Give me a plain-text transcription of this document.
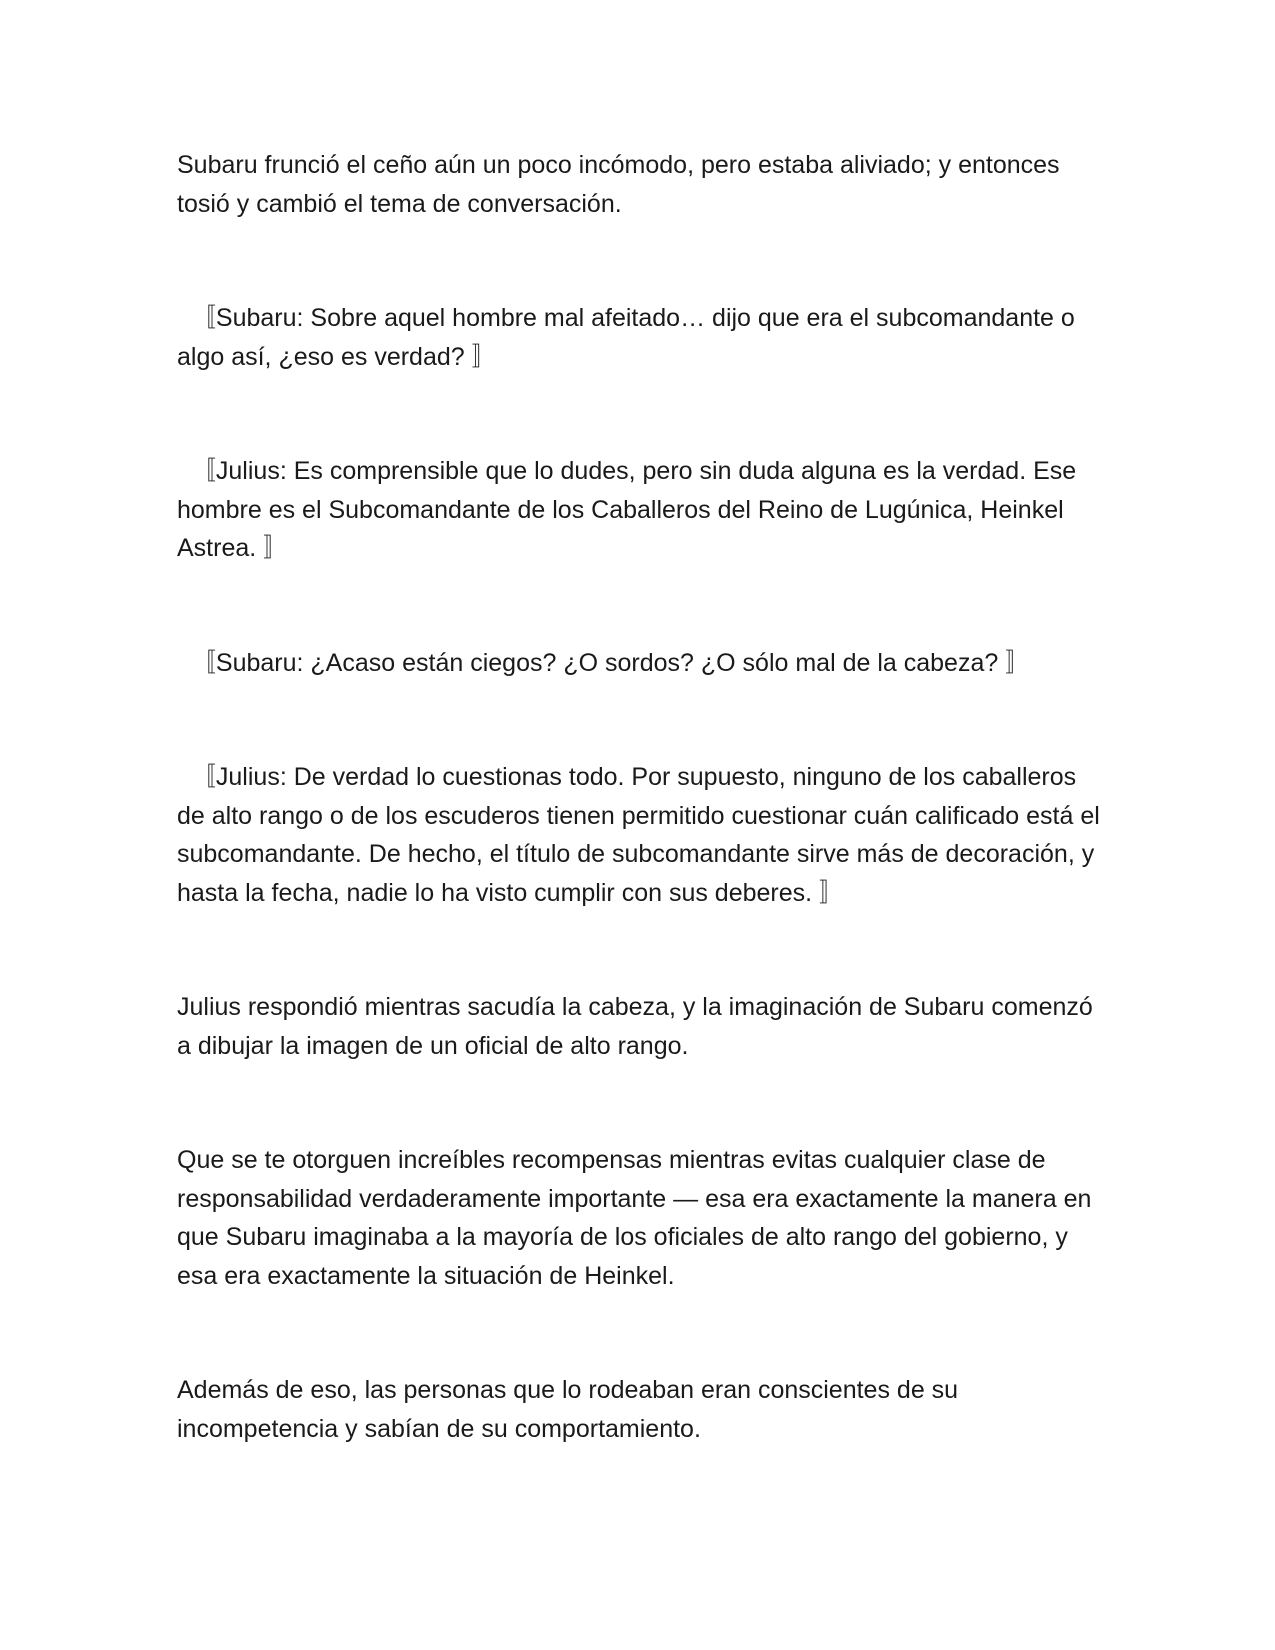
Subaru frunció el ceño aún un poco incómodo, pero estaba aliviado; y entonces tosió y cambió el tema de conversación.

〚Subaru: Sobre aquel hombre mal afeitado… dijo que era el subcomandante o algo así, ¿eso es verdad? 〛

〚Julius: Es comprensible que lo dudes, pero sin duda alguna es la verdad. Ese hombre es el Subcomandante de los Caballeros del Reino de Lugúnica, Heinkel Astrea. 〛

〚Subaru: ¿Acaso están ciegos? ¿O sordos? ¿O sólo mal de la cabeza? 〛

〚Julius: De verdad lo cuestionas todo. Por supuesto, ninguno de los caballeros de alto rango o de los escuderos tienen permitido cuestionar cuán calificado está el subcomandante. De hecho, el título de subcomandante sirve más de decoración, y hasta la fecha, nadie lo ha visto cumplir con sus deberes. 〛

Julius respondió mientras sacudía la cabeza, y la imaginación de Subaru comenzó a dibujar la imagen de un oficial de alto rango.

Que se te otorguen increíbles recompensas mientras evitas cualquier clase de responsabilidad verdaderamente importante — esa era exactamente la manera en que Subaru imaginaba a la mayoría de los oficiales de alto rango del gobierno, y esa era exactamente la situación de Heinkel.

Además de eso, las personas que lo rodeaban eran conscientes de su incompetencia y sabían de su comportamiento.
